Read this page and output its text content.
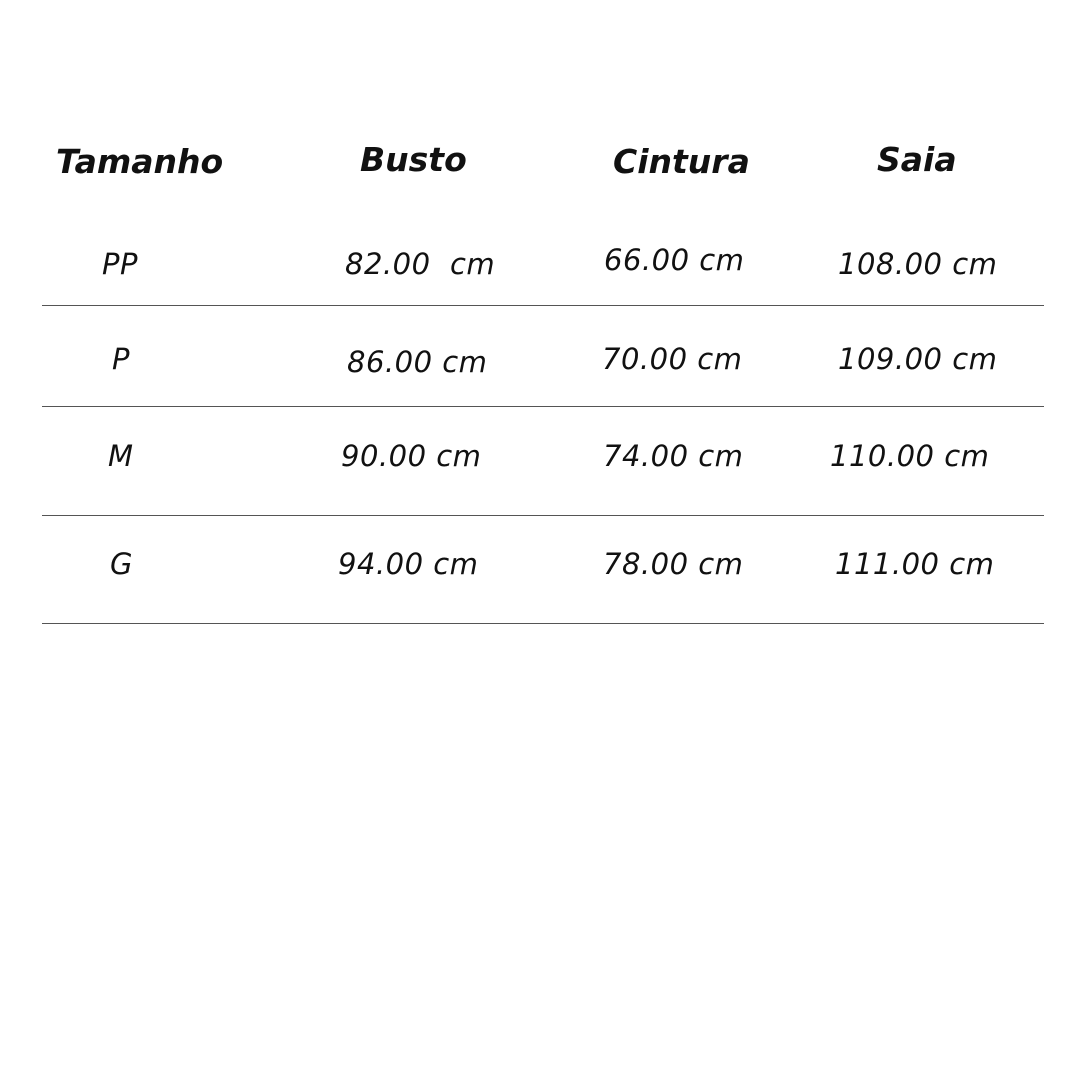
Tamanho	Busto	Cintura	Saia
PP	82.00  cm	66.00 cm	108.00 cm
P	86.00 cm	70.00 cm	109.00 cm
M	90.00 cm	74.00 cm	110.00 cm
G	94.00 cm	78.00 cm	111.00 cm
